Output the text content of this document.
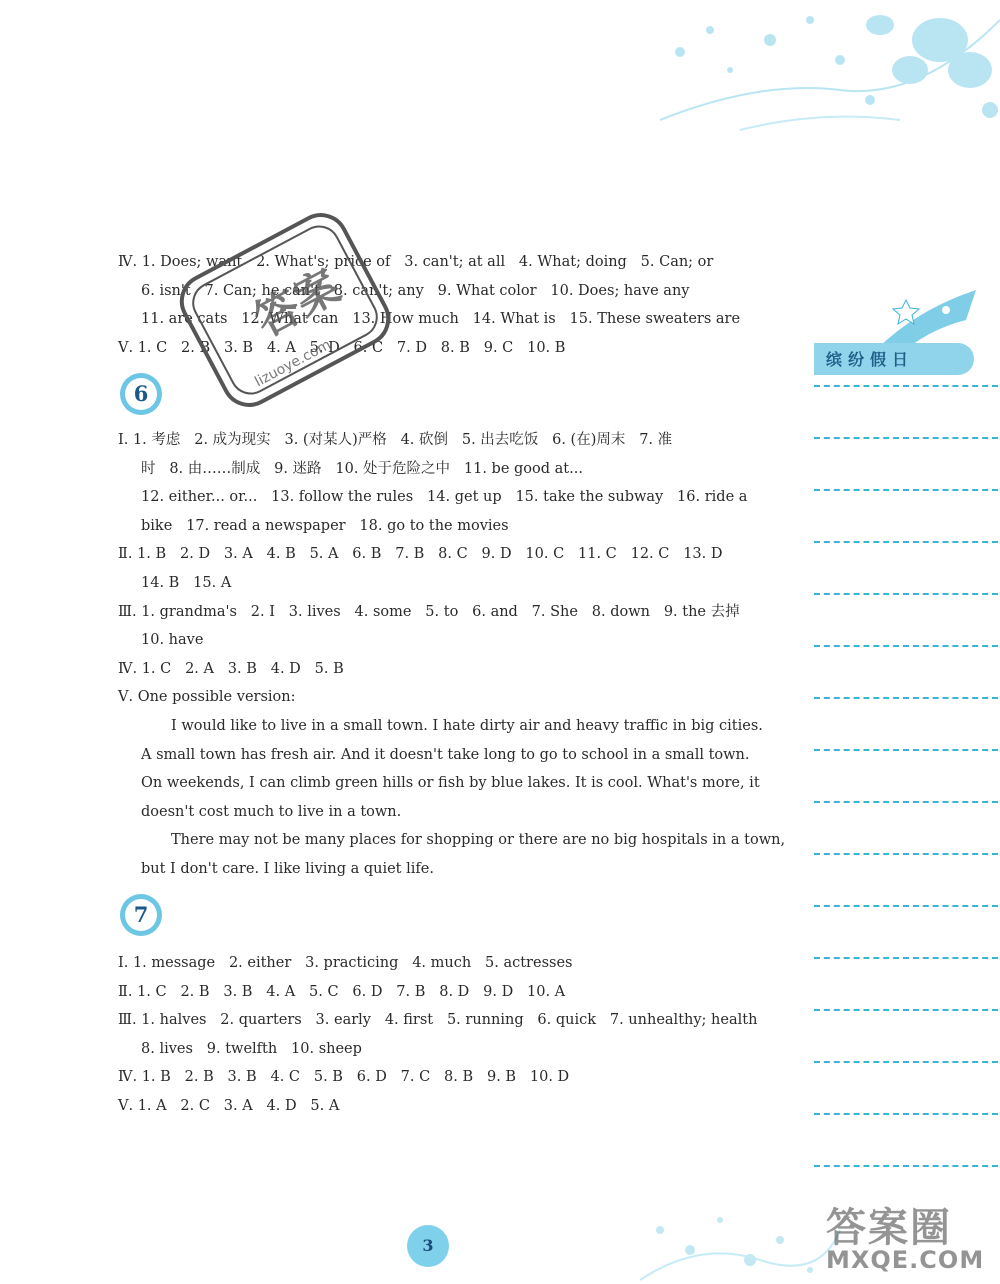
Ⅳ. 1. Does; want   2. What's; price of   3. can't; at all   4. What; doing   5. Can; or
6. isn't   7. Can; he can't   8. can't; any   9. What color   10. Does; have any
11. are cats   12. What can   13. How much   14. What is   15. These sweaters are
Ⅴ. 1. C   2. B   3. B   4. A   5. D   6. C   7. D   8. B   9. C   10. B
6
Ⅰ. 1. 考虑   2. 成为现实   3. (对某人)严格   4. 砍倒   5. 出去吃饭   6. (在)周末   7. 准
时   8. 由……制成   9. 迷路   10. 处于危险之中   11. be good at...
12. either... or...   13. follow the rules   14. get up   15. take the subway   16. ride a
bike   17. read a newspaper   18. go to the movies
Ⅱ. 1. B   2. D   3. A   4. B   5. A   6. B   7. B   8. C   9. D   10. C   11. C   12. C   13. D
14. B   15. A
Ⅲ. 1. grandma's   2. I   3. lives   4. some   5. to   6. and   7. She   8. down   9. the 去掉
10. have
Ⅳ. 1. C   2. A   3. B   4. D   5. B
Ⅴ. One possible version:
I would like to live in a small town. I hate dirty air and heavy traffic in big cities.
A small town has fresh air. And it doesn't take long to go to school in a small town.
On weekends, I can climb green hills or fish by blue lakes. It is cool. What's more, it
doesn't cost much to live in a town.
There may not be many places for shopping or there are no big hospitals in a town,
but I don't care. I like living a quiet life.
7
Ⅰ. 1. message   2. either   3. practicing   4. much   5. actresses
Ⅱ. 1. C   2. B   3. B   4. A   5. C   6. D   7. B   8. D   9. D   10. A
Ⅲ. 1. halves   2. quarters   3. early   4. first   5. running   6. quick   7. unhealthy; health
8. lives   9. twelfth   10. sheep
Ⅳ. 1. B   2. B   3. B   4. C   5. B   6. D   7. C   8. B   9. B   10. D
Ⅴ. 1. A   2. C   3. A   4. D   5. A
答案
lizuoye.com
3
缤纷假日
答案圈
MXQE.COM
